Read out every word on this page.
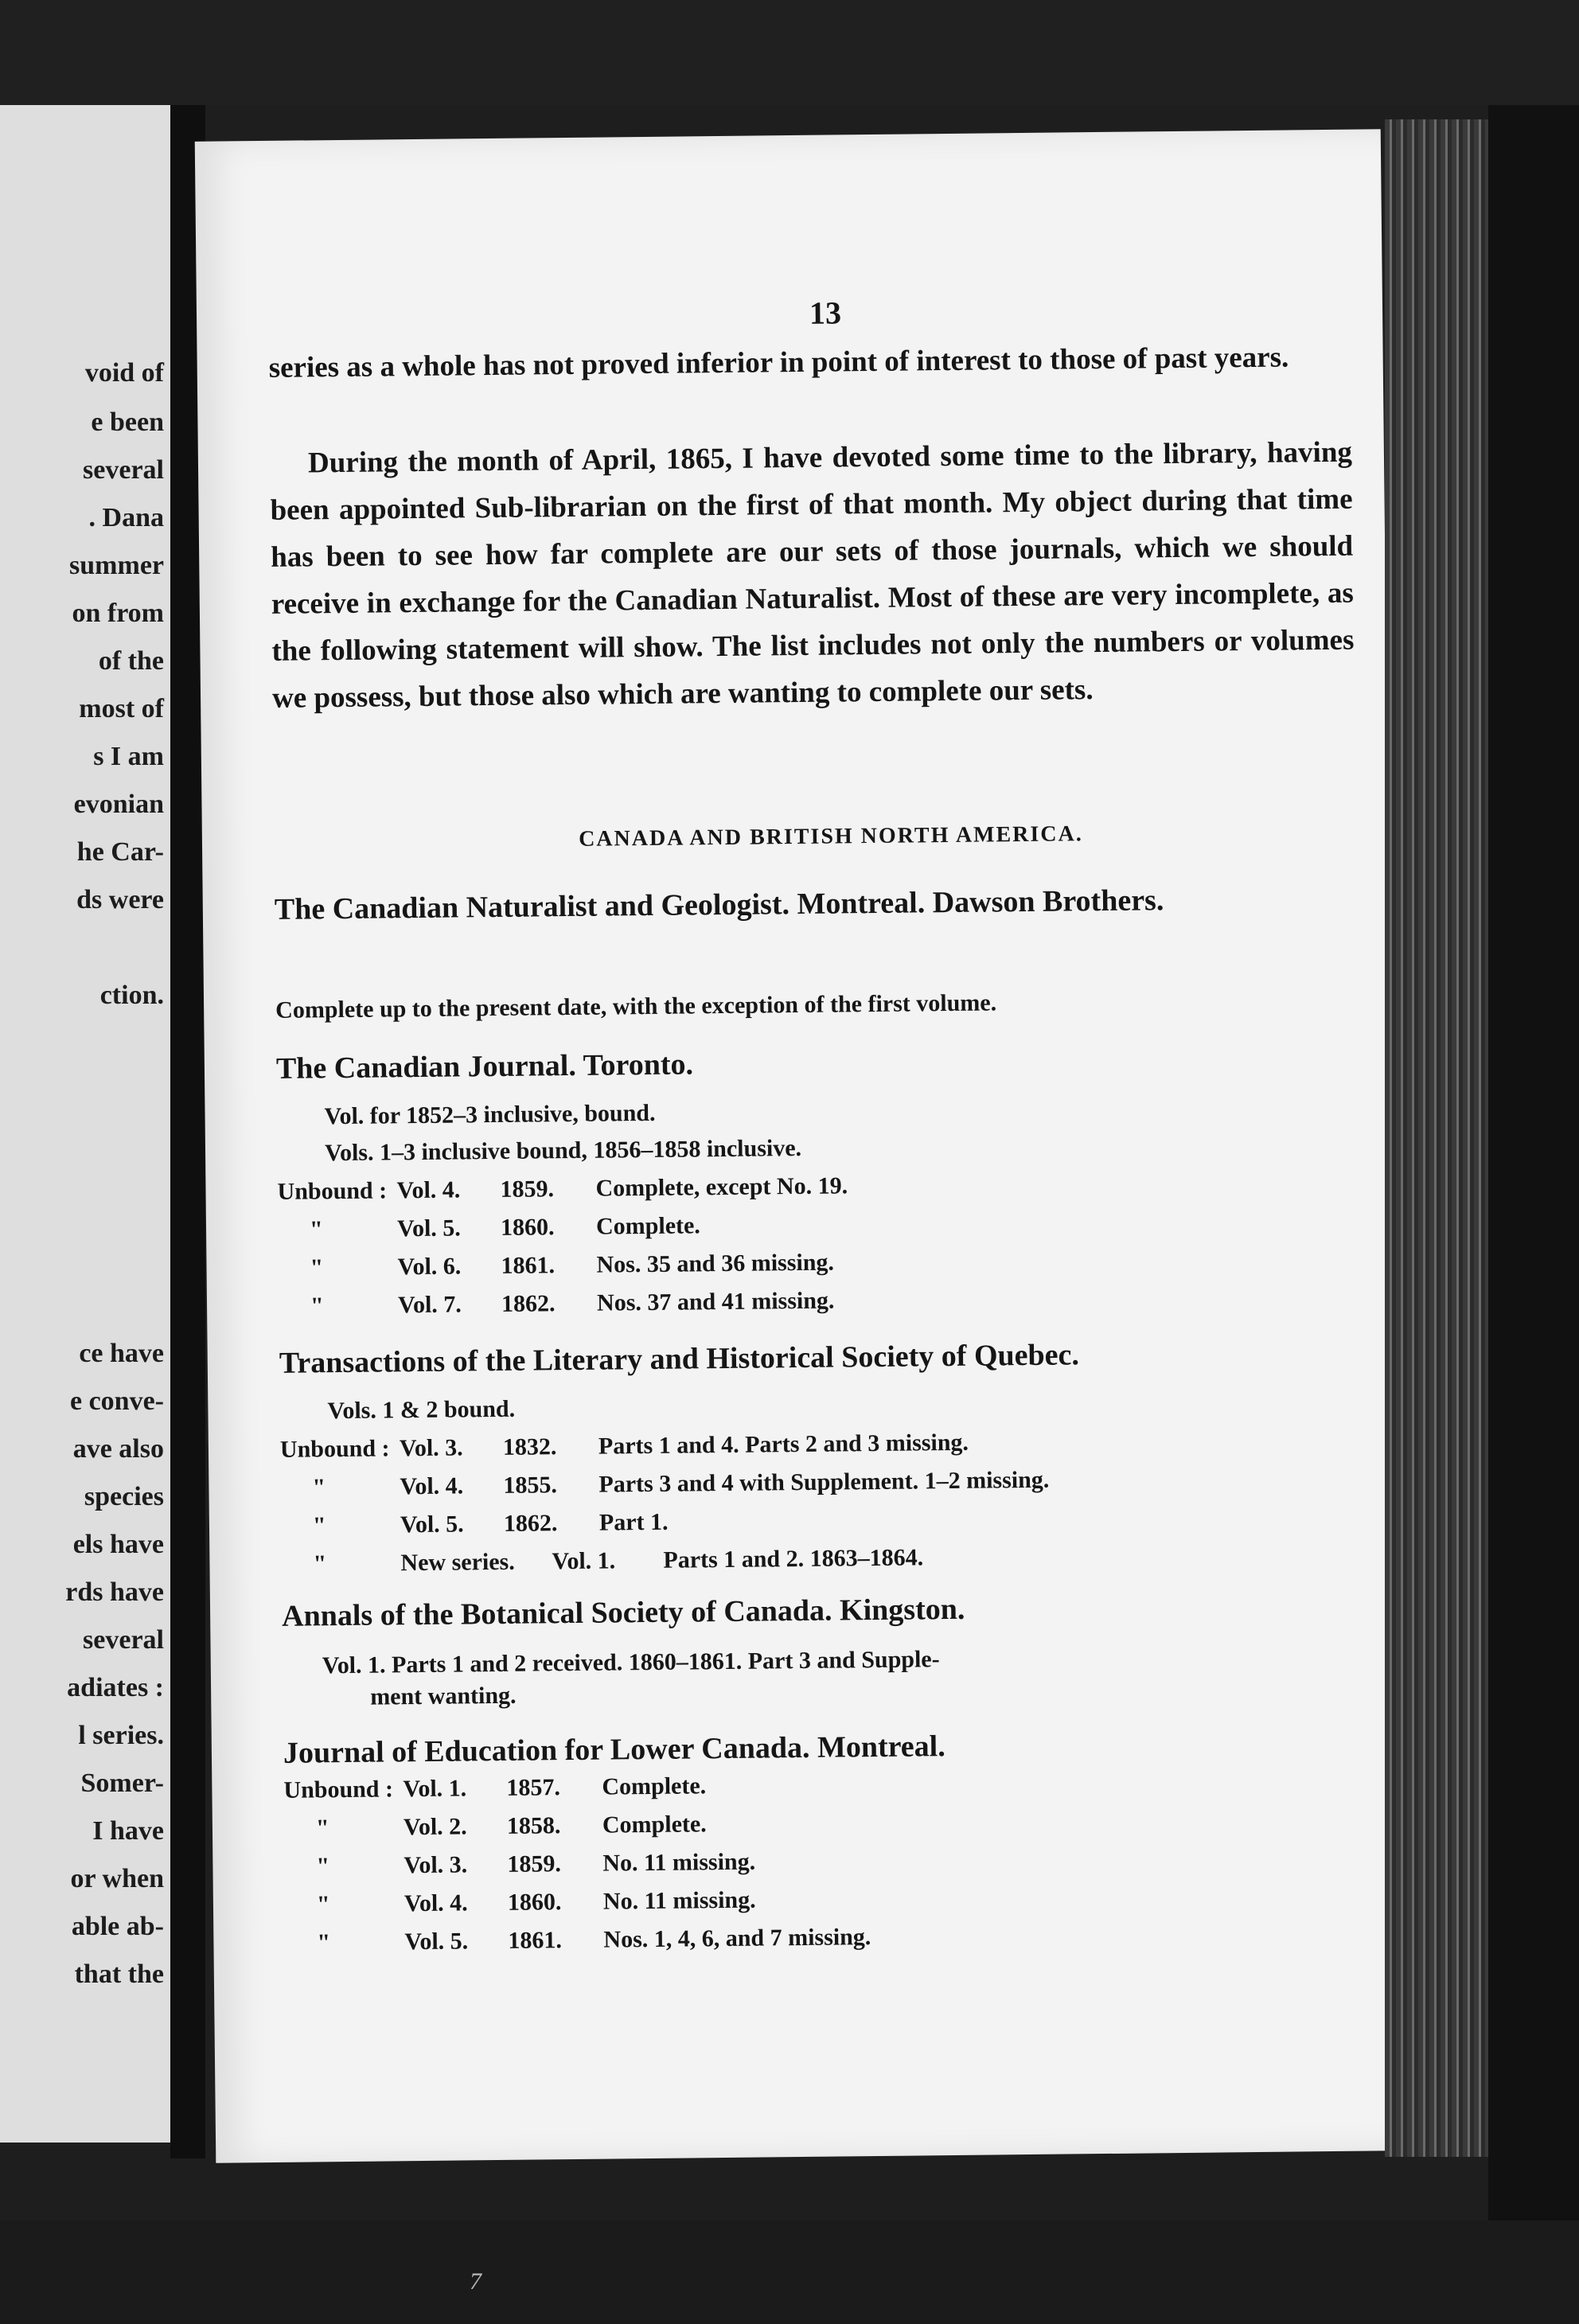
void of
e been
several
. Dana
summer
on from
of the
most of
s I am
evonian
he Car-
ds were
ction.
ce have
e conve-
ave also
species
els have
rds have
several
adiates :
l series.
Somer-
I have
or when
able ab-
that the
13
series as a whole has not proved inferior in point of interest to those of past years.
During the month of April, 1865, I have devoted some time to the library, having been appointed Sub-librarian on the first of that month. My object during that time has been to see how far complete are our sets of those journals, which we should receive in exchange for the Canadian Naturalist. Most of these are very incomplete, as the following statement will show. The list includes not only the numbers or volumes we possess, but those also which are wanting to complete our sets.
CANADA AND BRITISH NORTH AMERICA.
The Canadian Naturalist and Geologist. Montreal. Dawson Brothers.
Complete up to the present date, with the exception of the first volume.
The Canadian Journal. Toronto.
Vol. for 1852–3 inclusive, bound.
Vols. 1–3 inclusive bound, 1856–1858 inclusive.
Unbound : Vol. 4. 1859. Complete, except No. 19.
"	Vol. 5. 1860. Complete.
"	Vol. 6. 1861. Nos. 35 and 36 missing.
"	Vol. 7. 1862. Nos. 37 and 41 missing.
Transactions of the Literary and Historical Society of Quebec.
Vols. 1 & 2 bound.
Unbound : Vol. 3. 1832. Parts 1 and 4. Parts 2 and 3 missing.
"	Vol. 4. 1855. Parts 3 and 4 with Supplement. 1–2 missing.
"	Vol. 5. 1862. Part 1.
"	New series. Vol. 1. Parts 1 and 2. 1863–1864.
Annals of the Botanical Society of Canada. Kingston.
Vol. 1. Parts 1 and 2 received. 1860–1861. Part 3 and Supple-
ment wanting.
Journal of Education for Lower Canada. Montreal.
Unbound : Vol. 1. 1857. Complete.
"	Vol. 2. 1858. Complete.
"	Vol. 3. 1859. No. 11 missing.
"	Vol. 4. 1860. No. 11 missing.
"	Vol. 5. 1861. Nos. 1, 4, 6, and 7 missing.
7
